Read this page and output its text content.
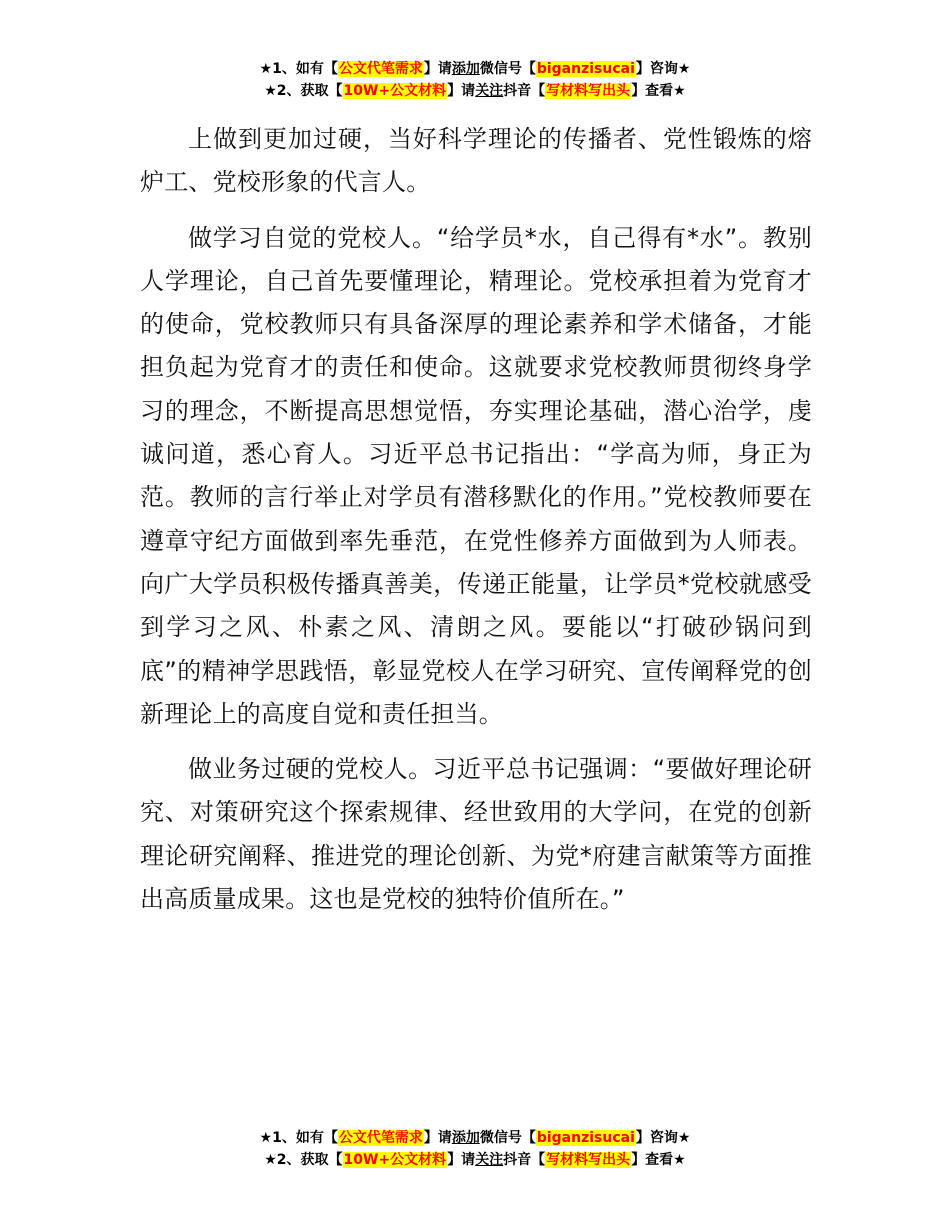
★1、如有【公文代笔需求】请添加微信号【biganzisucai】咨询★
★2、获取【10W+公文材料】请关注抖音【写材料写出头】查看★

上做到更加过硬，当好科学理论的传播者、党性锻炼的熔炉工、党校形象的代言人。

做学习自觉的党校人。“给学员*水，自己得有*水”。教别人学理论，自己首先要懂理论，精理论。党校承担着为党育才的使命，党校教师只有具备深厚的理论素养和学术储备，才能担负起为党育才的责任和使命。这就要求党校教师贯彻终身学习的理念，不断提高思想觉悟，夯实理论基础，潜心治学，虔诚问道，悉心育人。习近平总书记指出：“学高为师，身正为范。教师的言行举止对学员有潜移默化的作用。”党校教师要在遵章守纪方面做到率先垂范，在党性修养方面做到为人师表。向广大学员积极传播真善美，传递正能量，让学员*党校就感受到学习之风、朴素之风、清朗之风。要能以“打破砂锅问到底”的精神学思践悟，彰显党校人在学习研究、宣传阐释党的创新理论上的高度自觉和责任担当。

做业务过硬的党校人。习近平总书记强调：“要做好理论研究、对策研究这个探索规律、经世致用的大学问，在党的创新理论研究阐释、推进党的理论创新、为党*府建言献策等方面推出高质量成果。这也是党校的独特价值所在。”

★1、如有【公文代笔需求】请添加微信号【biganzisucai】咨询★
★2、获取【10W+公文材料】请关注抖音【写材料写出头】查看★
